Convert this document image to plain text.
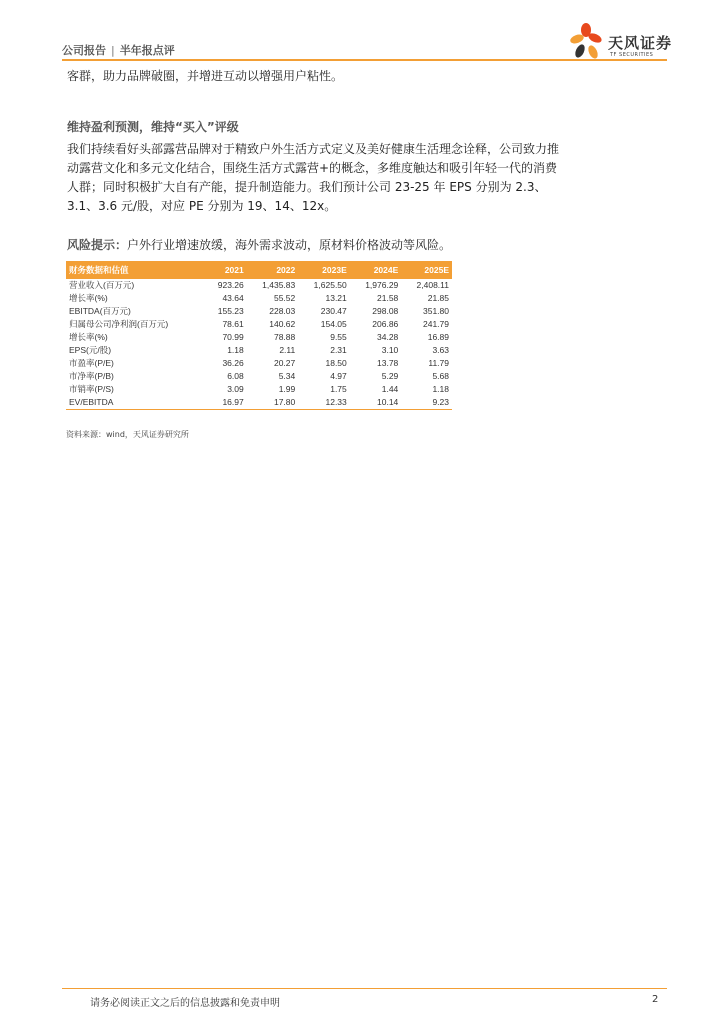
公司报告 | 半年报点评	天风证券
TF SECURITIES
客群，助力品牌破圈，并增进互动以增强用户粘性。
维持盈利预测，维持“买入”评级
我们持续看好头部露营品牌对于精致户外生活方式定义及美好健康生活理念诠释，公司致力推动露营文化和多元文化结合，围绕生活方式露营+的概念，多维度触达和吸引年轻一代的消费人群；同时积极扩大自有产能，提升制造能力。我们预计公司 23-25 年 EPS 分别为 2.3、3.1、3.6 元/股，对应 PE 分别为 19、14、12x。
风险提示：户外行业增速放缓，海外需求波动，原材料价格波动等风险。
财务数据和估值	2021	2022	2023E	2024E	2025E
营业收入(百万元)	923.26	1,435.83	1,625.50	1,976.29	2,408.11
增长率(%)	43.64	55.52	13.21	21.58	21.85
EBITDA(百万元)	155.23	228.03	230.47	298.08	351.80
归属母公司净利润(百万元)	78.61	140.62	154.05	206.86	241.79
增长率(%)	70.99	78.88	9.55	34.28	16.89
EPS(元/股)	1.18	2.11	2.31	3.10	3.63
市盈率(P/E)	36.26	20.27	18.50	13.78	11.79
市净率(P/B)	6.08	5.34	4.97	5.29	5.68
市销率(P/S)	3.09	1.99	1.75	1.44	1.18
EV/EBITDA	16.97	17.80	12.33	10.14	9.23
资料来源：wind，天风证券研究所
请务必阅读正文之后的信息披露和免责申明	2
